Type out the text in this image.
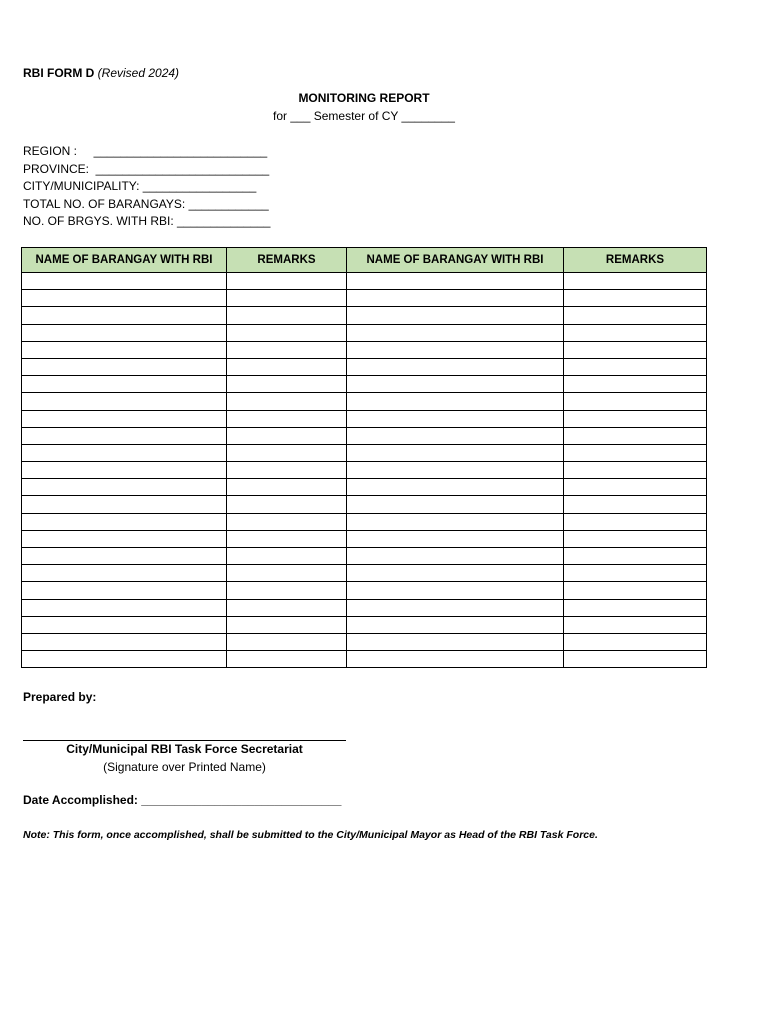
RBI FORM D (Revised 2024)
MONITORING REPORT
for ___ Semester of CY ________
REGION :     __________________________
PROVINCE:  __________________________
CITY/MUNICIPALITY: _________________
TOTAL NO. OF BARANGAYS: ____________
NO. OF BRGYS. WITH RBI: ______________
NAME OF BARANGAY WITH RBI	REMARKS	NAME OF BARANGAY WITH RBI	REMARKS

Prepared by:
City/Municipal RBI Task Force Secretariat
(Signature over Printed Name)
Date Accomplished: ______________________________
Note: This form, once accomplished, shall be submitted to the City/Municipal Mayor as Head of the RBI Task Force.
